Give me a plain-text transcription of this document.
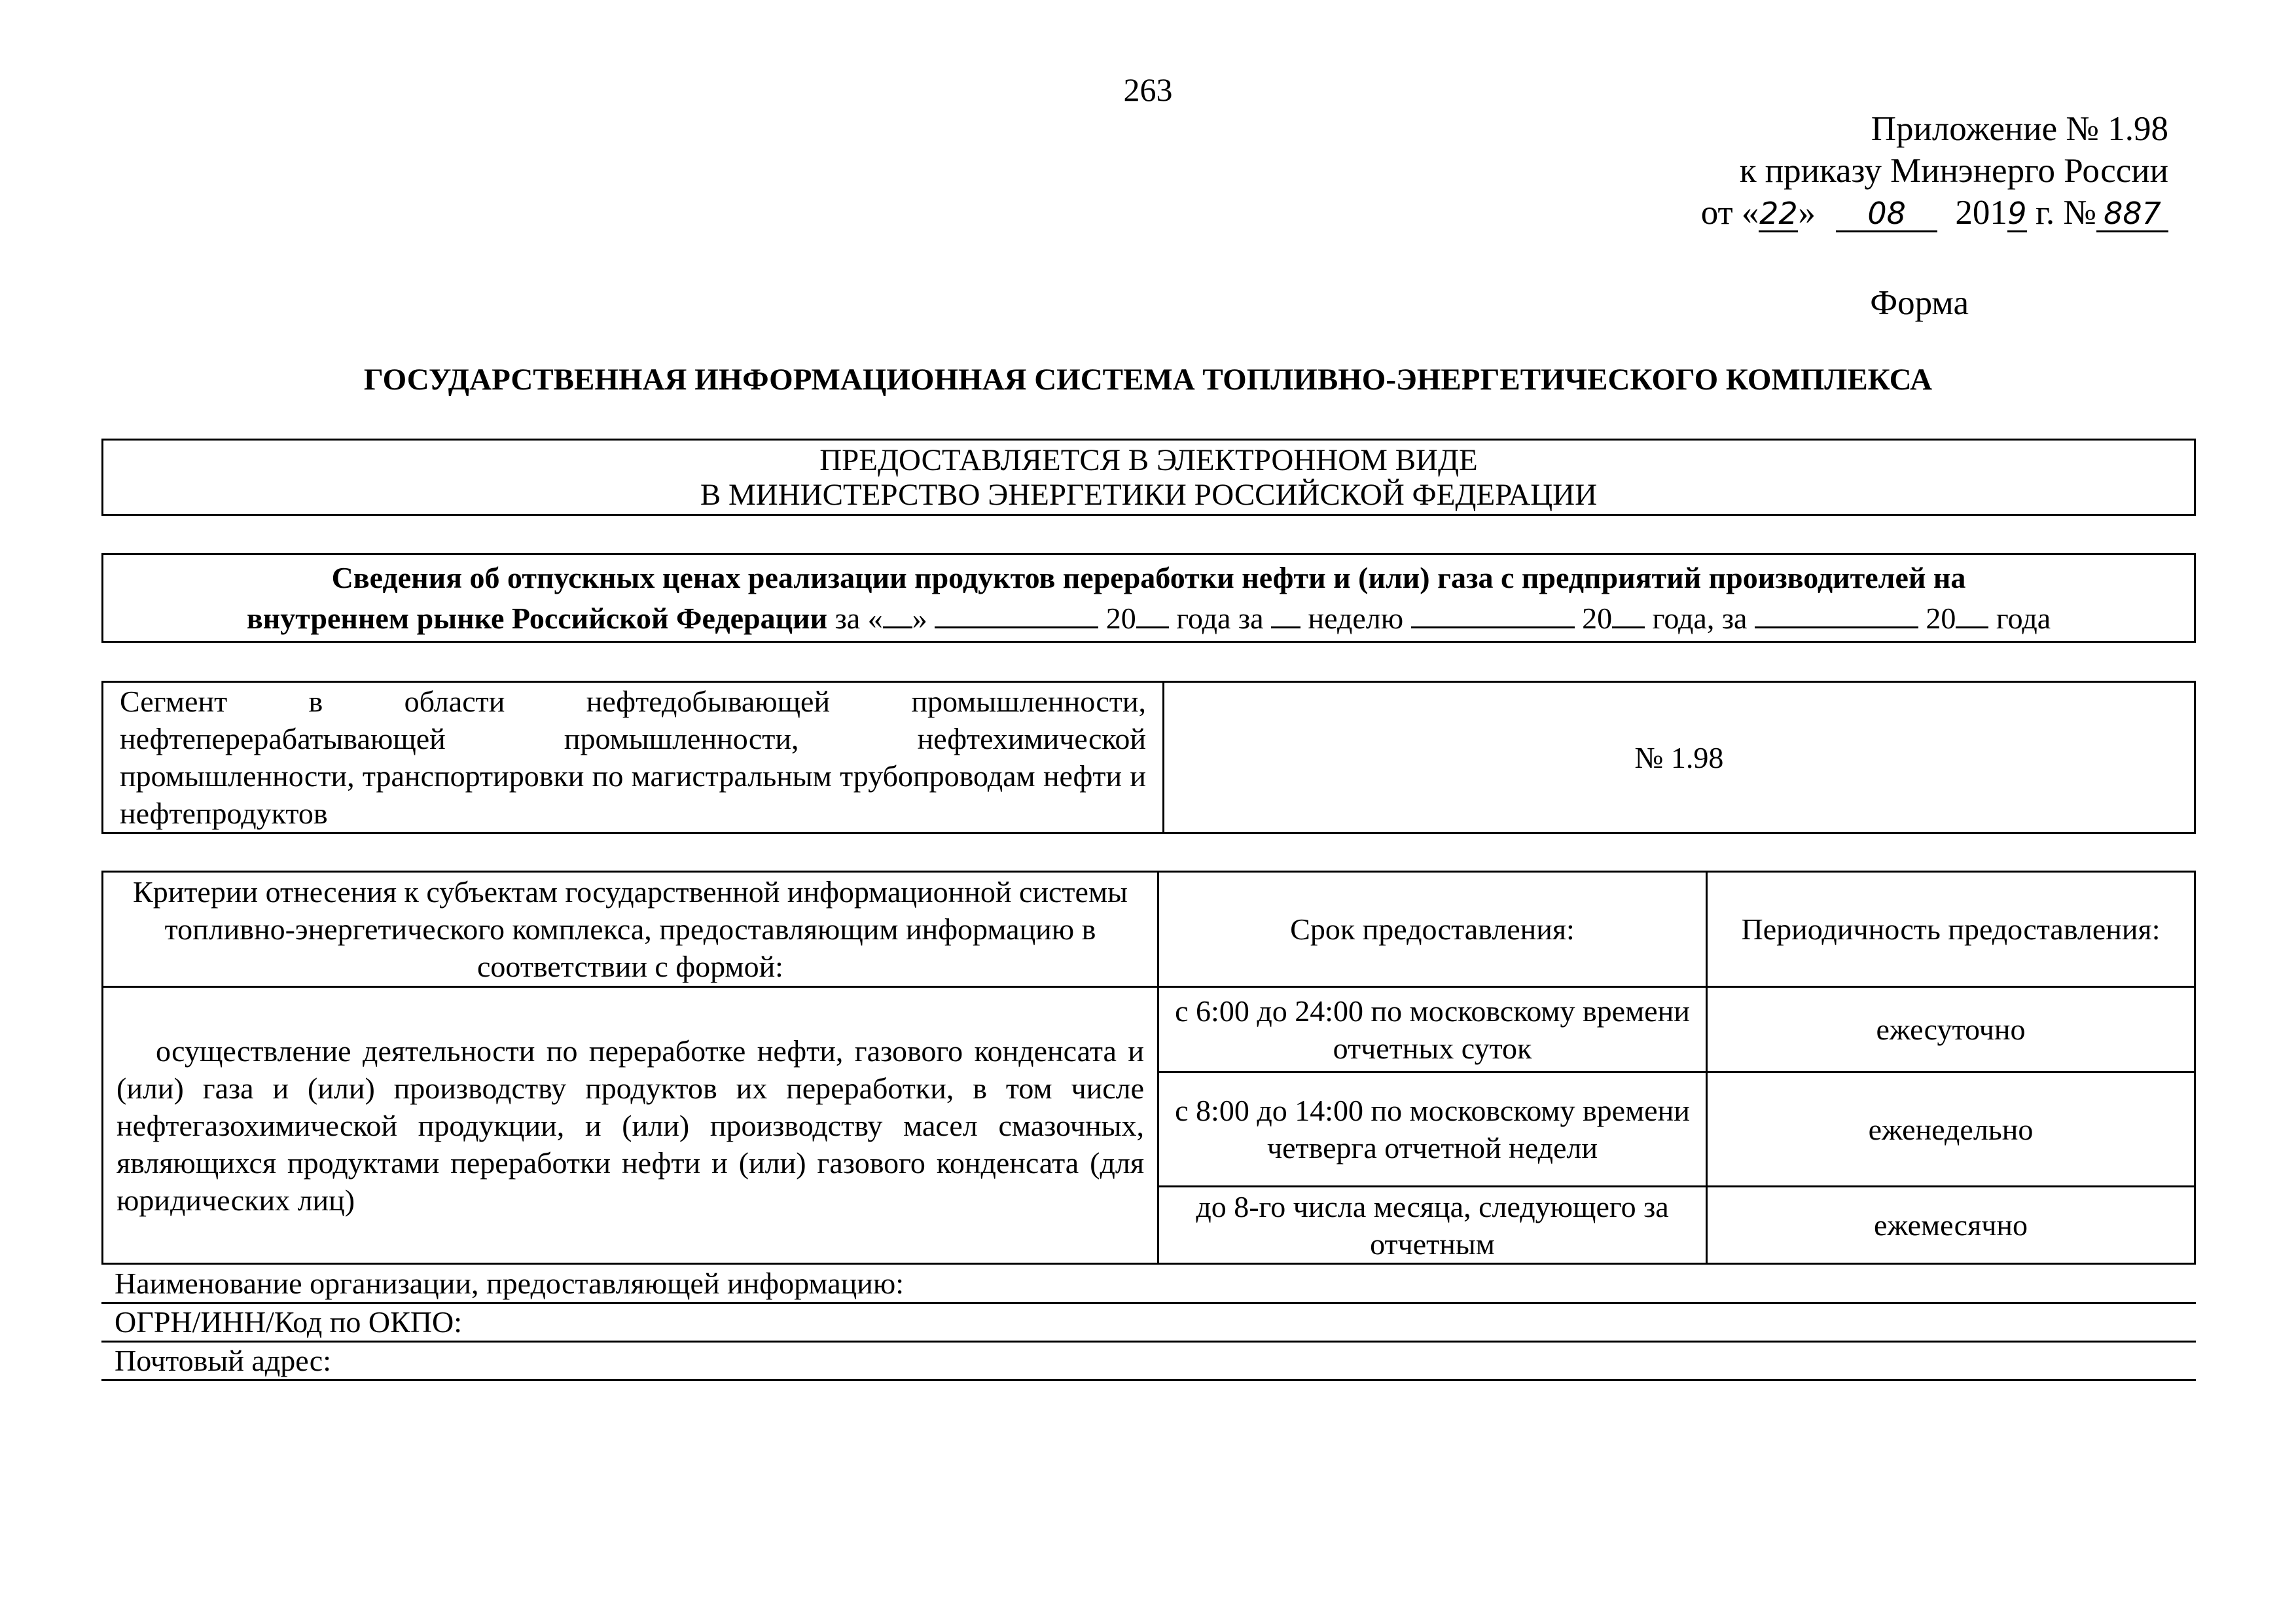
263
Приложение № 1.98
к приказу Минэнерго России
от «22» 08 2019 г. № 887
Форма
ГОСУДАРСТВЕННАЯ ИНФОРМАЦИОННАЯ СИСТЕМА ТОПЛИВНО-ЭНЕРГЕТИЧЕСКОГО КОМПЛЕКСА
ПРЕДОСТАВЛЯЕТСЯ В ЭЛЕКТРОННОМ ВИДЕ
В МИНИСТЕРСТВО ЭНЕРГЕТИКИ РОССИЙСКОЙ ФЕДЕРАЦИИ
Сведения об отпускных ценах реализации продуктов переработки нефти и (или) газа с предприятий производителей на
внутреннем рынке Российской Федерации за « »	20 года за  неделю	20 года, за	20 года
Сегмент в области нефтедобывающей промышленности, нефтеперерабатывающей промышленности, нефтехимической промышленности, транспортировки по магистральным трубопроводам нефти и нефтепродуктов	№ 1.98
Критерии отнесения к субъектам государственной информационной системы топливно-энергетического комплекса, предоставляющим информацию в соответствии с формой:	Срок предоставления:	Периодичность предоставления:
осуществление деятельности по переработке нефти, газового конденсата и (или) газа и (или) производству продуктов их переработки, в том числе нефтегазохимической продукции, и (или) производству масел смазочных, являющихся продуктами переработки нефти и (или) газового конденсата (для юридических лиц)	с 6:00 до 24:00 по московскому времени отчетных суток	ежесуточно
	с 8:00 до 14:00 по московскому времени четверга отчетной недели	еженедельно
	до 8-го числа месяца, следующего за отчетным	ежемесячно
Наименование организации, предоставляющей информацию:
ОГРН/ИНН/Код по ОКПО:
Почтовый адрес:
